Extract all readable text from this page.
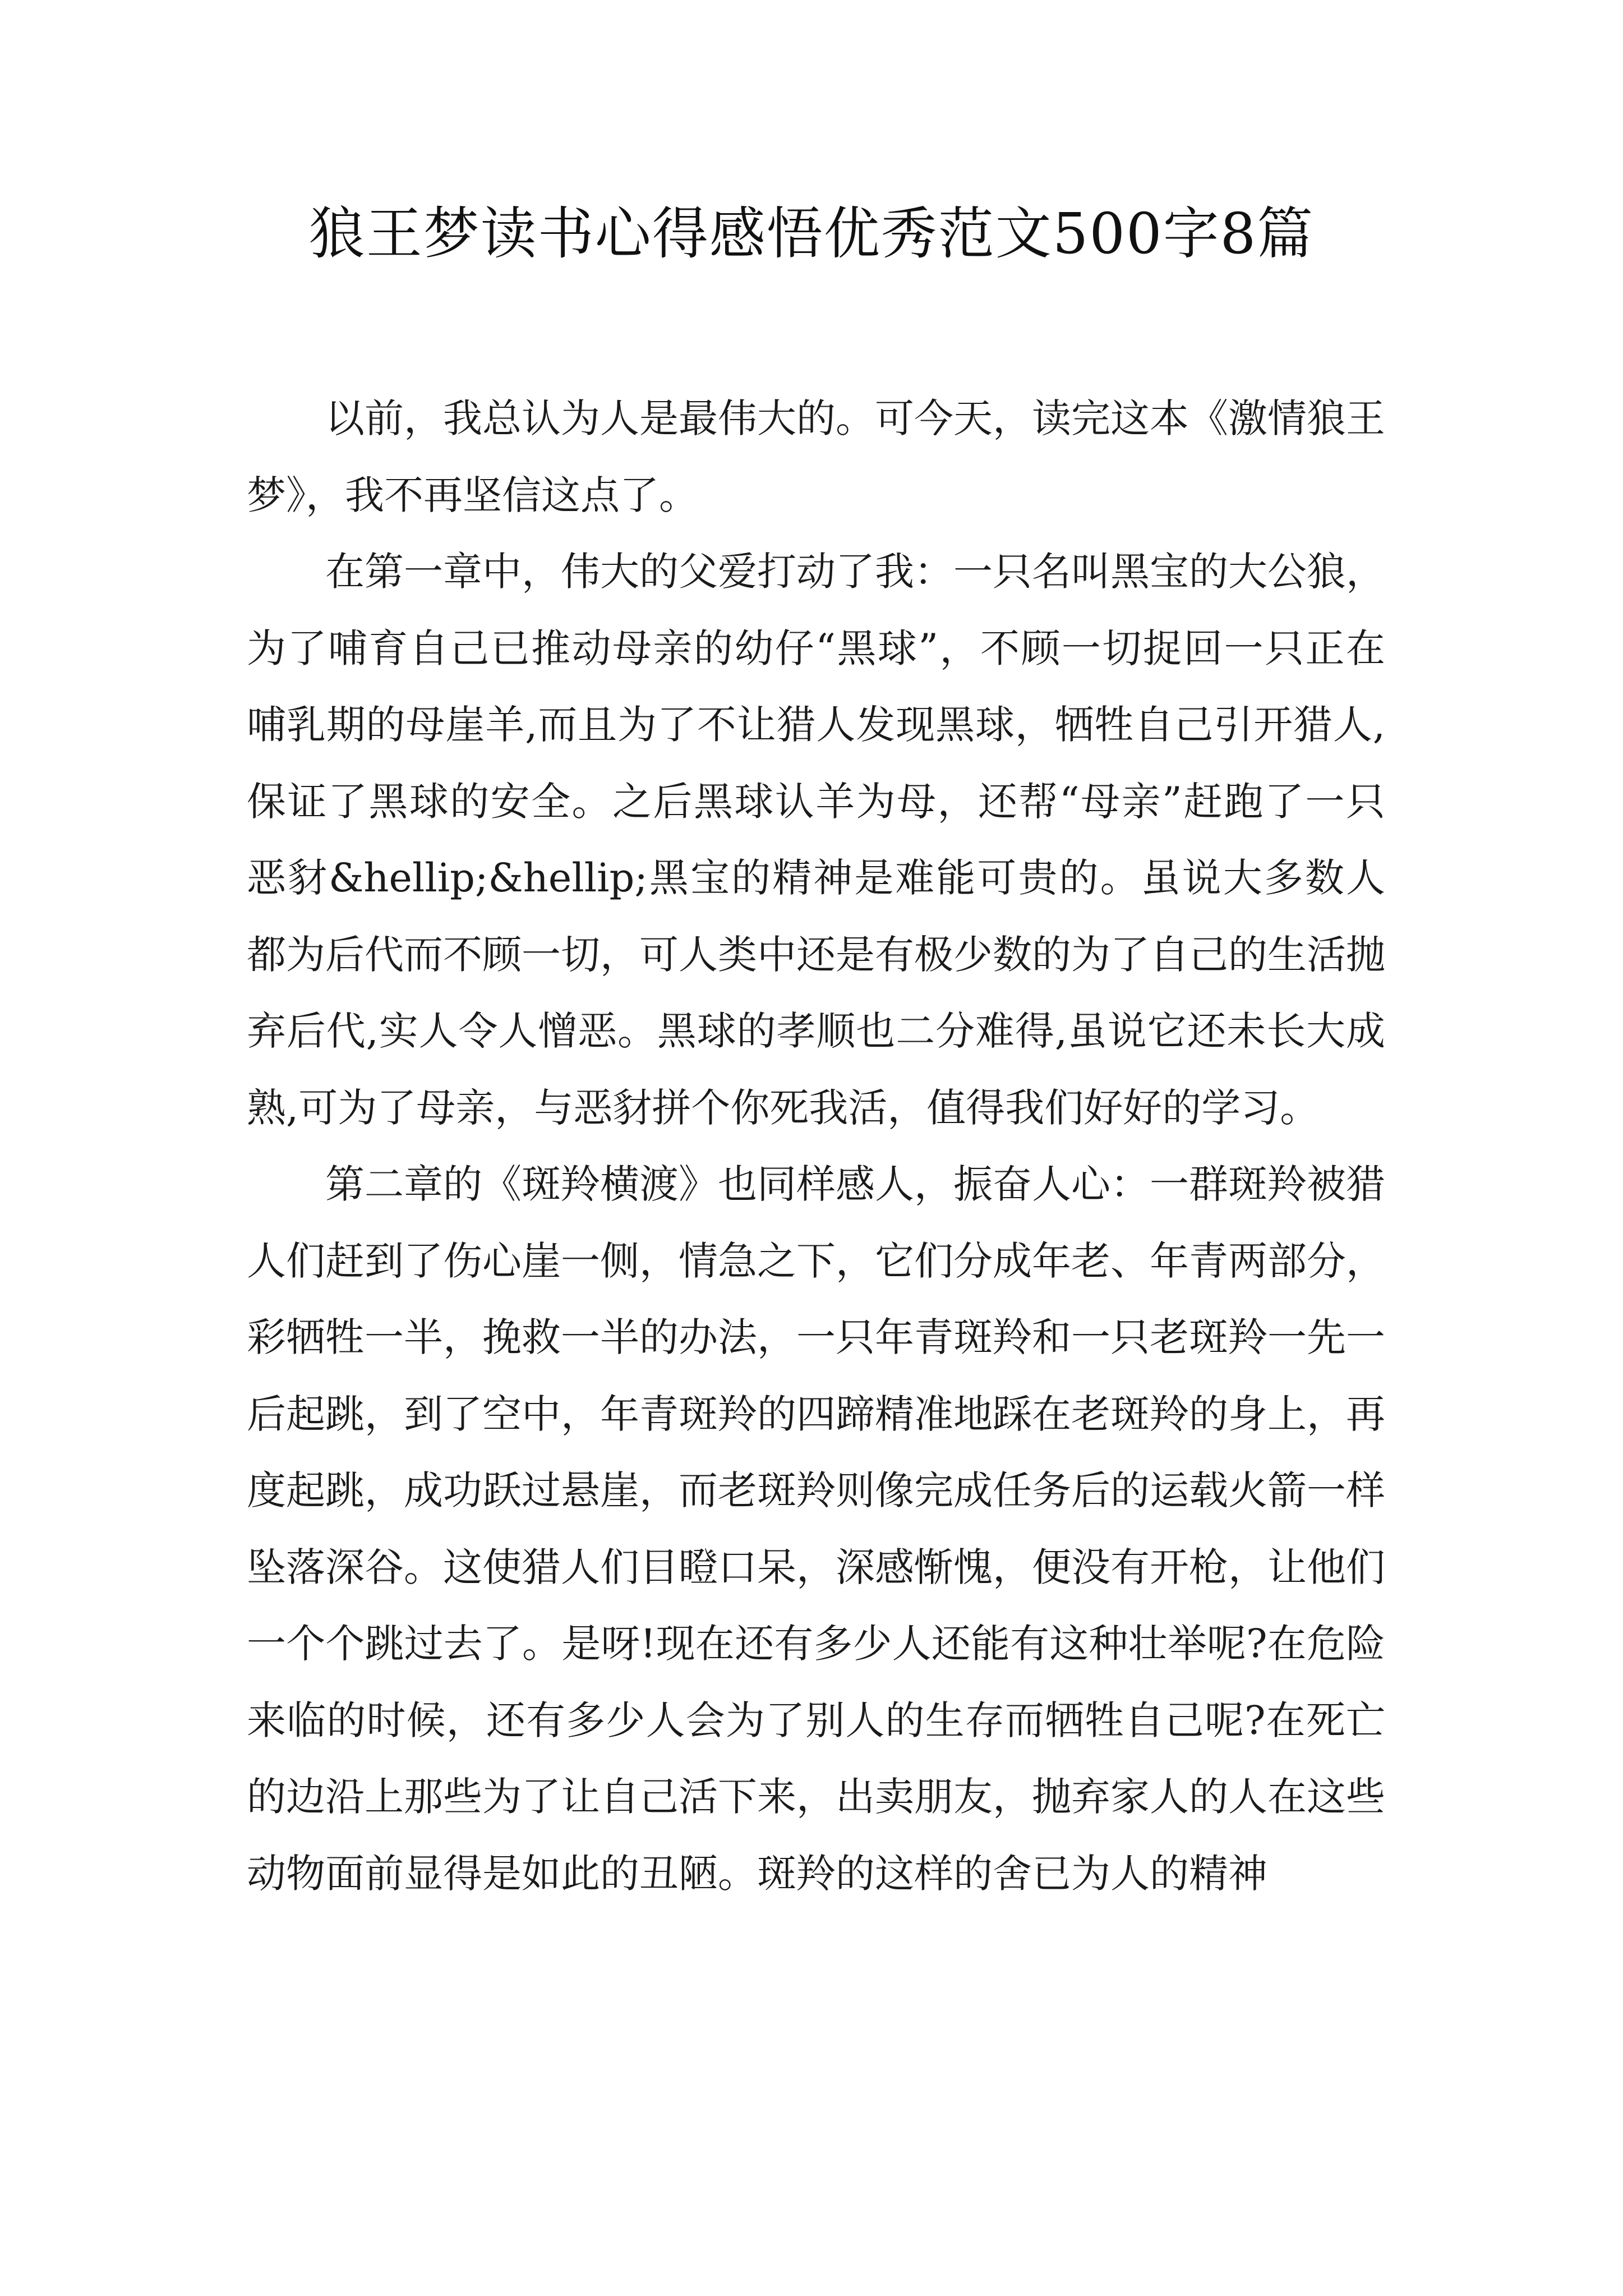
狼王梦读书心得感悟优秀范文500字8篇

以前，我总认为人是最伟大的。可今天，读完这本《激情狼王梦》，我不再坚信这点了。

在第一章中，伟大的父爱打动了我：一只名叫黑宝的大公狼，为了哺育自己已推动母亲的幼仔“黑球”，不顾一切捉回一只正在哺乳期的母崖羊,而且为了不让猎人发现黑球，牺牲自己引开猎人,保证了黑球的安全。之后黑球认羊为母，还帮“母亲”赶跑了一只恶豺&hellip;&hellip;黑宝的精神是难能可贵的。虽说大多数人都为后代而不顾一切，可人类中还是有极少数的为了自己的生活抛弃后代,实人令人憎恶。黑球的孝顺也二分难得,虽说它还未长大成熟,可为了母亲，与恶豺拼个你死我活，值得我们好好的学习。

第二章的《斑羚横渡》也同样感人，振奋人心：一群斑羚被猎人们赶到了伤心崖一侧，情急之下，它们分成年老、年青两部分，彩牺牲一半，挽救一半的办法，一只年青斑羚和一只老斑羚一先一后起跳，到了空中，年青斑羚的四蹄精准地踩在老斑羚的身上，再度起跳，成功跃过悬崖，而老斑羚则像完成任务后的运载火箭一样坠落深谷。这使猎人们目瞪口呆，深感惭愧，便没有开枪，让他们一个个跳过去了。是呀!现在还有多少人还能有这种壮举呢?在危险来临的时候，还有多少人会为了别人的生存而牺牲自己呢?在死亡的边沿上那些为了让自己活下来，出卖朋友，抛弃家人的人在这些动物面前显得是如此的丑陋。斑羚的这样的舍已为人的精神
